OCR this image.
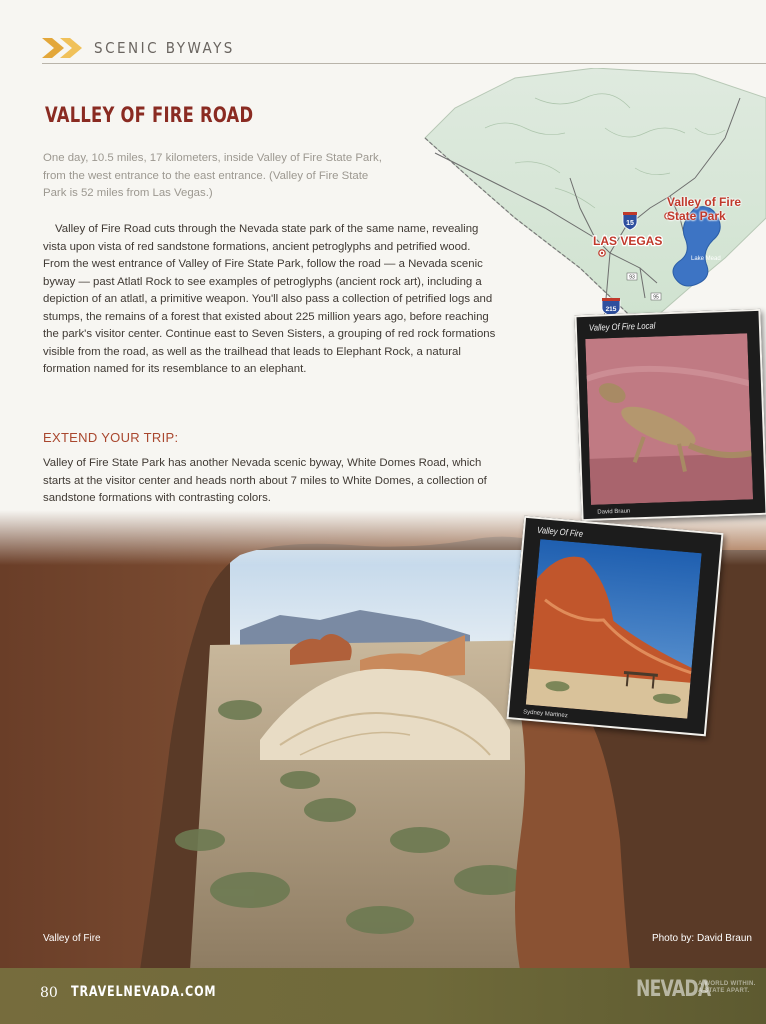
SCENIC BYWAYS
Lake Mead
15
215
95
93
LAS VEGAS
Valley of Fire State Park
VALLEY OF FIRE ROAD

One day, 10.5 miles, 17 kilometers, inside Valley of Fire State Park, from the west entrance to the east entrance. (Valley of Fire State Park is 52 miles from Las Vegas.)

Valley of Fire Road cuts through the Nevada state park of the same name, revealing vista upon vista of red sandstone formations, ancient petroglyphs and petrified wood. From the west entrance of Valley of Fire State Park, follow the road — a Nevada scenic byway — past Atlatl Rock to see examples of petroglyphs (ancient rock art), including a depiction of an atlatl, a primitive weapon. You'll also pass a collection of petrified logs and stumps, the remains of a forest that existed about 225 million years ago, before reaching the park's visitor center. Continue east to Seven Sisters, a grouping of red rock formations visible from the road, as well as the trailhead that leads to Elephant Rock, a natural formation named for its resemblance to an elephant.

EXTEND YOUR TRIP:

Valley of Fire State Park has another Nevada scenic byway, White Domes Road, which starts at the visitor center and heads north about 7 miles to White Domes, a collection of sandstone formations with contrasting colors.

Valley of Fire	Photo by: David Braun
Valley Of Fire Local
David Braun
Valley Of Fire
Sydney Martinez
80 TRAVELNEVADA.COM	NEVADA
A WORLD WITHIN. A STATE APART.
